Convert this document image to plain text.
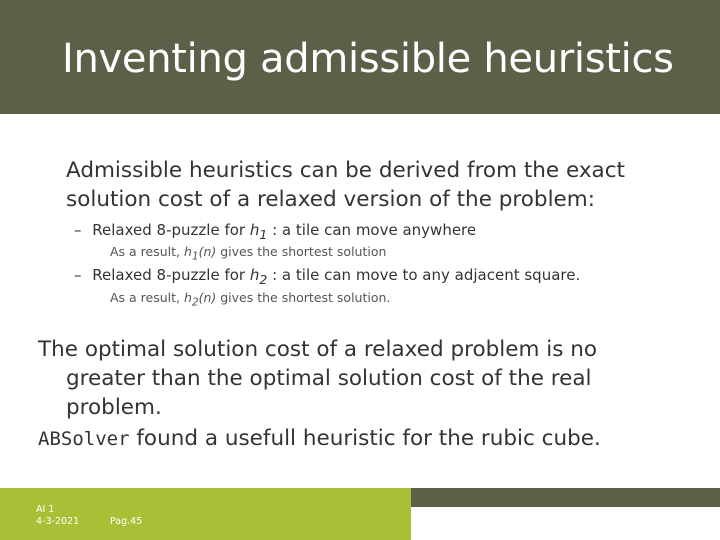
Inventing admissible heuristics
Admissible heuristics can be derived from the exact solution cost of a relaxed version of the problem:
– Relaxed 8-puzzle for $h_1$ : a tile can move anywhere
As a result, $h_1(n)$ gives the shortest solution
– Relaxed 8-puzzle for $h_2$ : a tile can move to any adjacent square.
As a result, $h_2(n)$ gives the shortest solution.
The optimal solution cost of a relaxed problem is no
greater than the optimal solution cost of the real
problem.
ABSolver found a usefull heuristic for the rubic cube.
AI 1
4-3-2021	Pag.45
